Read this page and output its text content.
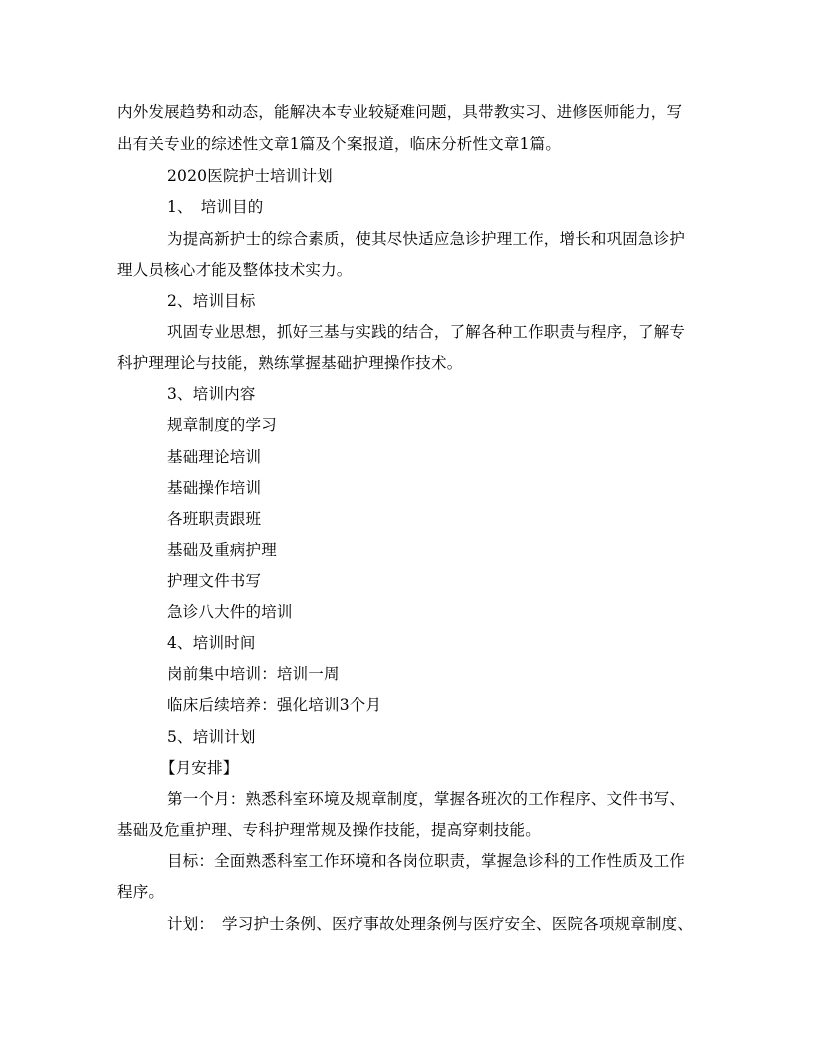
内外发展趋势和动态，能解决本专业较疑难问题，具带教实习、进修医师能力，写
出有关专业的综述性文章1篇及个案报道，临床分析性文章1篇。
2020医院护士培训计划
1、　培训目的
为提高新护士的综合素质，使其尽快适应急诊护理工作，增长和巩固急诊护
理人员核心才能及整体技术实力。
2、培训目标
巩固专业思想，抓好三基与实践的结合，了解各种工作职责与程序，了解专
科护理理论与技能，熟练掌握基础护理操作技术。
3、培训内容
规章制度的学习
基础理论培训
基础操作培训
各班职责跟班
基础及重病护理
护理文件书写
急诊八大件的培训
4、培训时间
岗前集中培训：培训一周
临床后续培养：强化培训3个月
5、培训计划
【月安排】
第一个月：熟悉科室环境及规章制度，掌握各班次的工作程序、文件书写、
基础及危重护理、专科护理常规及操作技能，提高穿刺技能。
目标：全面熟悉科室工作环境和各岗位职责，掌握急诊科的工作性质及工作
程序。
计划：　学习护士条例、医疗事故处理条例与医疗安全、医院各项规章制度、
